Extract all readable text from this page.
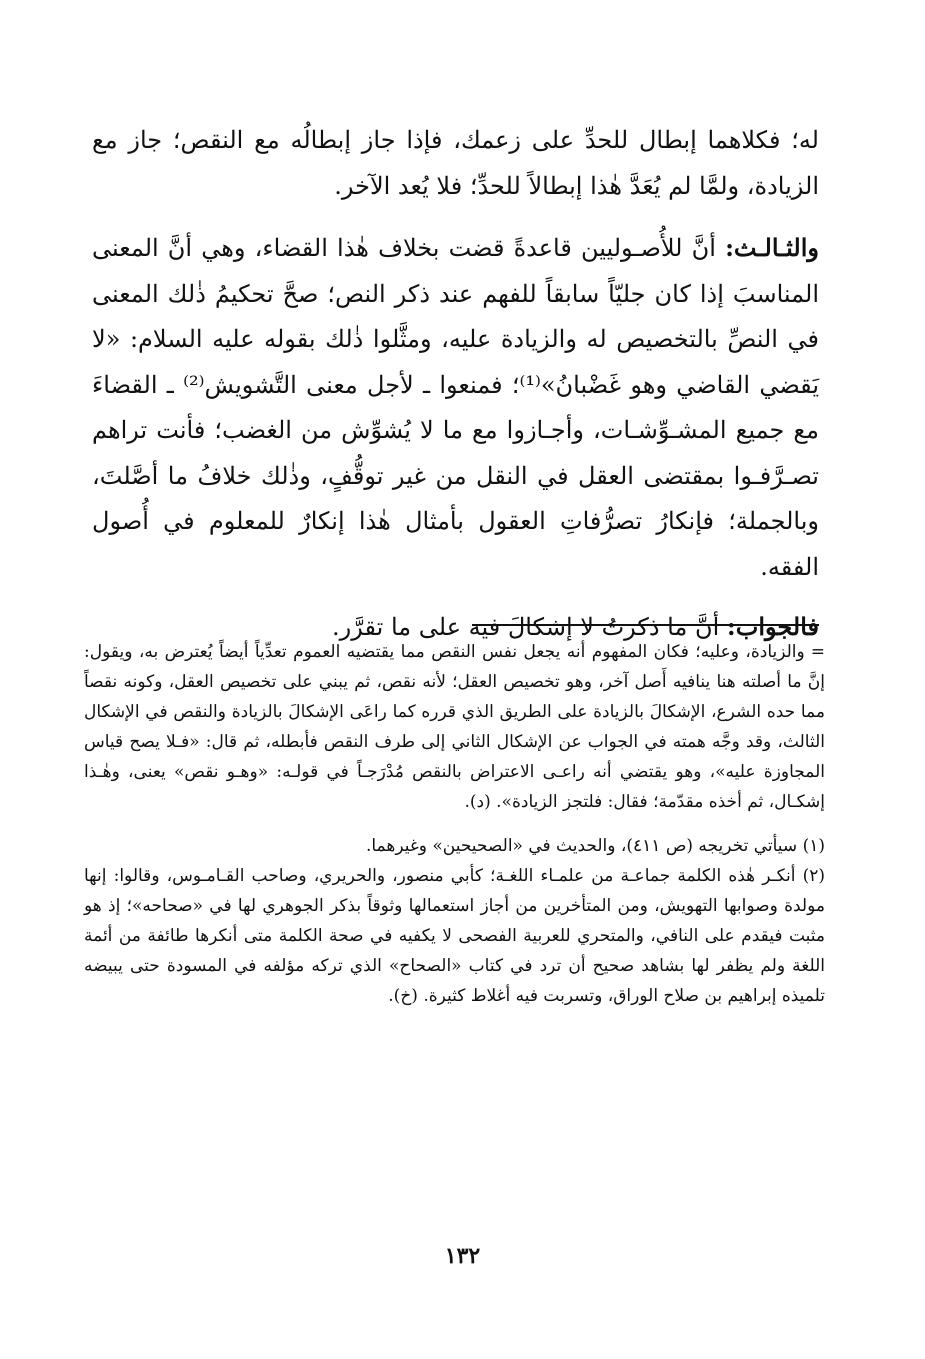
له؛ فكلاهما إبطال للحدِّ على زعمك، فإذا جاز إبطالُه مع النقص؛ جاز مع الزيادة، ولمَّا لم يُعَدَّ هٰذا إبطالاً للحدِّ؛ فلا يُعد الآخر.

والثـالـث: أنَّ للأُصـوليين قاعدةً قضت بخلاف هٰذا القضاء، وهي أنَّ المعنى المناسبَ إذا كان جليّاً سابقاً للفهم عند ذكر النص؛ صحَّ تحكيمُ ذٰلك المعنى في النصِّ بالتخصيص له والزيادة عليه، ومثَّلوا ذٰلك بقوله عليه السلام: «لا يَقضي القاضي وهو غَضْبانُ»⁽¹⁾؛ فمنعوا ـ لأجل معنى التَّشويش⁽²⁾ ـ القضاءَ مع جميع المشـوِّشـات، وأجـازوا مع ما لا يُشوِّش من الغضب؛ فأنت تراهم تصـرَّفـوا بمقتضى العقل في النقل من غير توقُّفٍ، وذٰلك خلافُ ما أصَّلتَ، وبالجملة؛ فإنكارُ تصرُّفاتِ العقول بأمثال هٰذا إنكارٌ للمعلوم في أُصول الفقه.

فالجواب: أنَّ ما ذكرتُ لا إشكالَ فيه على ما تقرَّر.

=والزيادة، وعليه؛ فكان المفهوم أنه يجعل نفس النقص مما يقتضيه العموم تعدِّياً أيضاً يُعترض به، ويقول: إنَّ ما أصلته هنا ينافيه أَصل آخر، وهو تخصيص العقل؛ لأنه نقص، ثم يبني على تخصيص العقل، وكونه نقصاً مما حده الشرع، الإشكالَ بالزيادة على الطريق الذي قرره كما راعَى الإشكالَ بالزيادة والنقص في الإشكال الثالث، وقد وجَّه همته في الجواب عن الإشكال الثاني إلى طرف النقص فأبطله، ثم قال: «فـلا يصح قياس المجاوزة عليه»، وهو يقتضي أنه راعـى الاعتراض بالنقص مُدْرَجـاً في قولـه: «وهـو نقص» يعنى، وهٰـذا إشكـال، ثم أخذه مقدّمة؛ فقال: فلتجز الزيادة». (د).

(١) سيأتي تخريجه (ص ٤١١)، والحديث في «الصحيحين» وغيرهما.

(٢) أنكـر هٰذه الكلمة جماعـة من علمـاء اللغـة؛ كأبي منصور، والحريري، وصاحب القـامـوس، وقالوا: إنها مولدة وصوابها التهويش، ومن المتأخرين من أجاز استعمالها وثوقاً بذكر الجوهري لها في «صحاحه»؛ إذ هو مثبت فيقدم على النافي، والمتحري للعربية الفصحى لا يكفيه في صحة الكلمة متى أنكرها طائفة من أئمة اللغة ولم يظفر لها بشاهد صحيح أن ترد في كتاب «الصحاح» الذي تركه مؤلفه في المسودة حتى يبيضه تلميذه إبراهيم بن صلاح الوراق، وتسربت فيه أغلاط كثيرة. (خ).

١٣٢
